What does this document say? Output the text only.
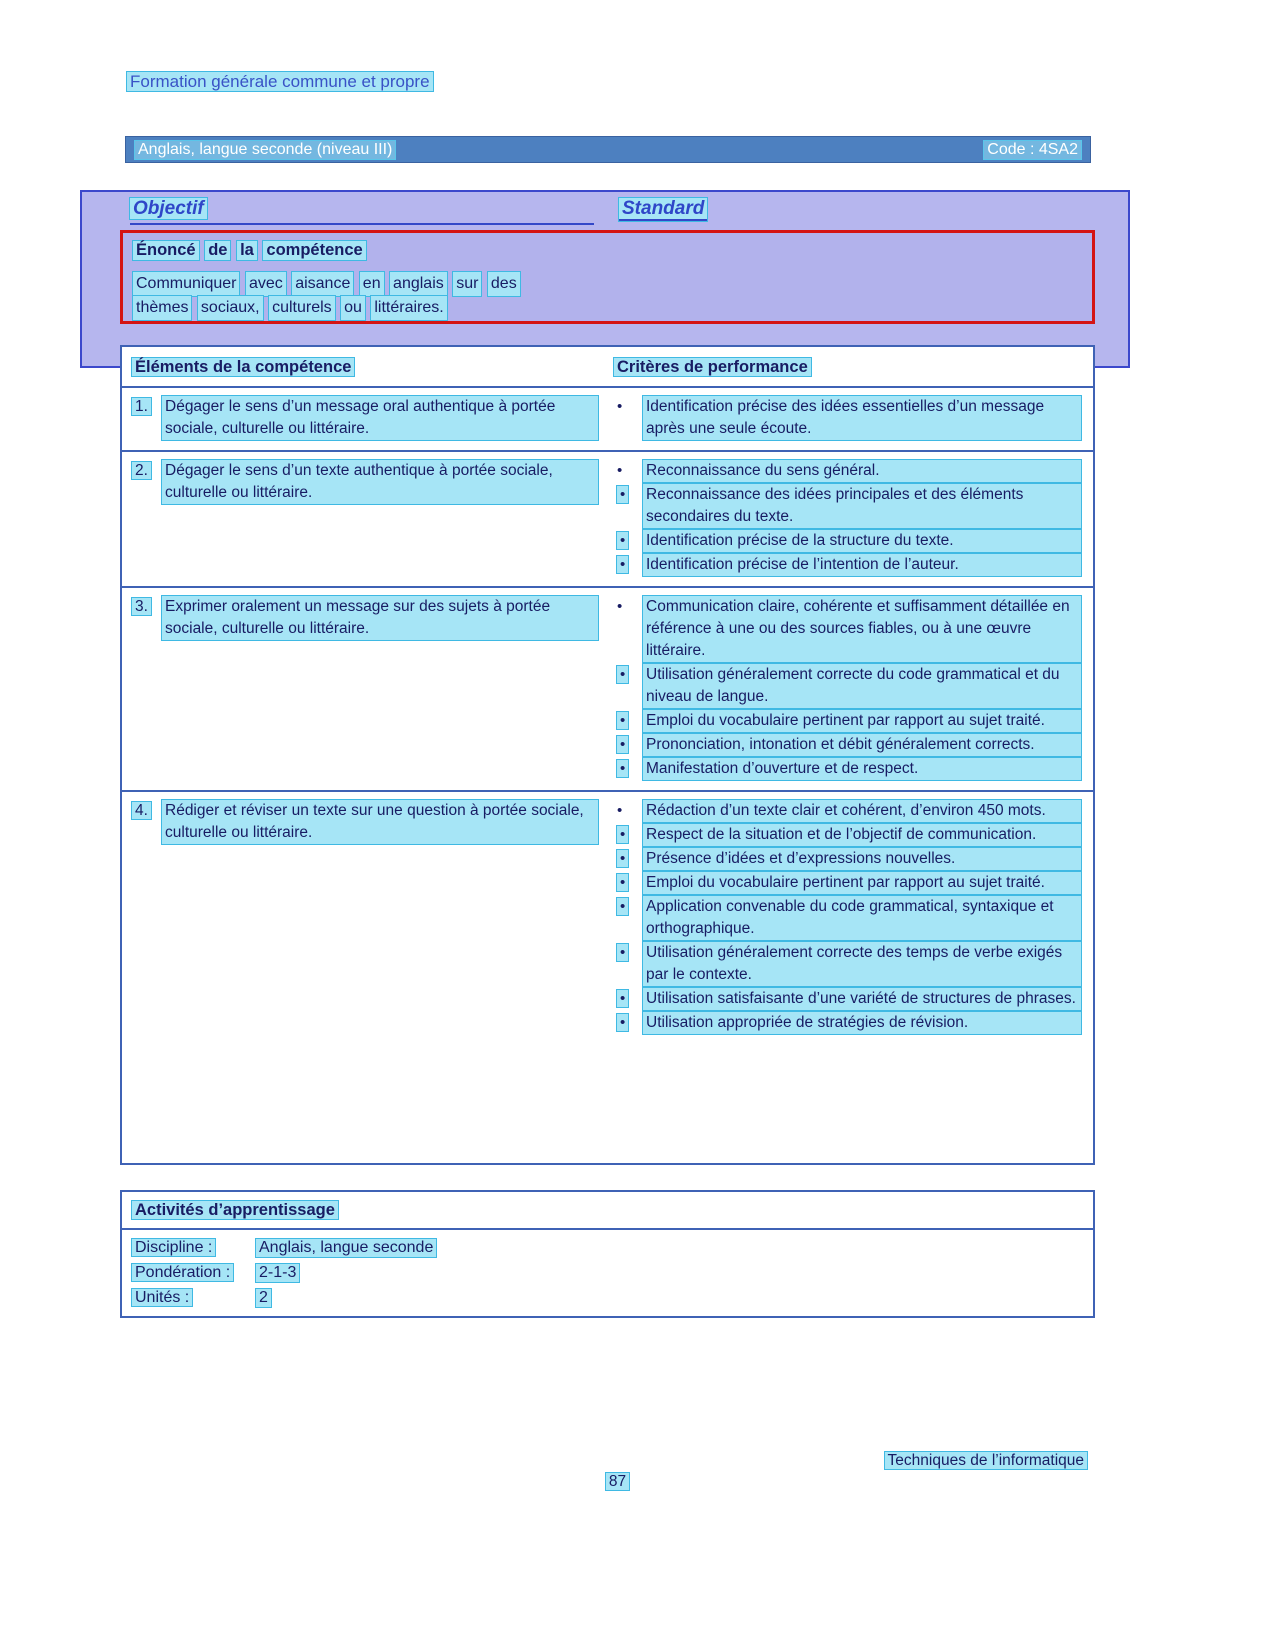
Formation générale commune et propre
Anglais, langue seconde (niveau III)	Code : 4SA2
Objectif	Standard
Énoncé de la compétence
Communiquer avec aisance en anglais sur des
thèmes sociaux, culturels ou littéraires.
Éléments de la compétence	Critères de performance
1.	Dégager le sens d’un message oral authentique à portée sociale, culturelle ou littéraire.
•	Identification précise des idées essentielles d’un message après une seule écoute.
2.	Dégager le sens d’un texte authentique à portée sociale, culturelle ou littéraire.
•	Reconnaissance du sens général.
•	Reconnaissance des idées principales et des éléments secondaires du texte.
•	Identification précise de la structure du texte.
•	Identification précise de l’intention de l’auteur.
3.	Exprimer oralement un message sur des sujets à portée sociale, culturelle ou littéraire.
•	Communication claire, cohérente et suffisamment détaillée en référence à une ou des sources fiables, ou à une œuvre littéraire.
•	Utilisation généralement correcte du code grammatical et du niveau de langue.
•	Emploi du vocabulaire pertinent par rapport au sujet traité.
•	Prononciation, intonation et débit généralement corrects.
•	Manifestation d’ouverture et de respect.
4.	Rédiger et réviser un texte sur une question à portée sociale, culturelle ou littéraire.
•	Rédaction d’un texte clair et cohérent, d’environ 450 mots.
•	Respect de la situation et de l’objectif de communication.
•	Présence d’idées et d’expressions nouvelles.
•	Emploi du vocabulaire pertinent par rapport au sujet traité.
•	Application convenable du code grammatical, syntaxique et orthographique.
•	Utilisation généralement correcte des temps de verbe exigés par le contexte.
•	Utilisation satisfaisante d’une variété de structures de phrases.
•	Utilisation appropriée de stratégies de révision.
Activités d’apprentissage
Discipline :	Anglais, langue seconde
Pondération :	2-1-3
Unités :	2
Techniques de l’informatique
87
